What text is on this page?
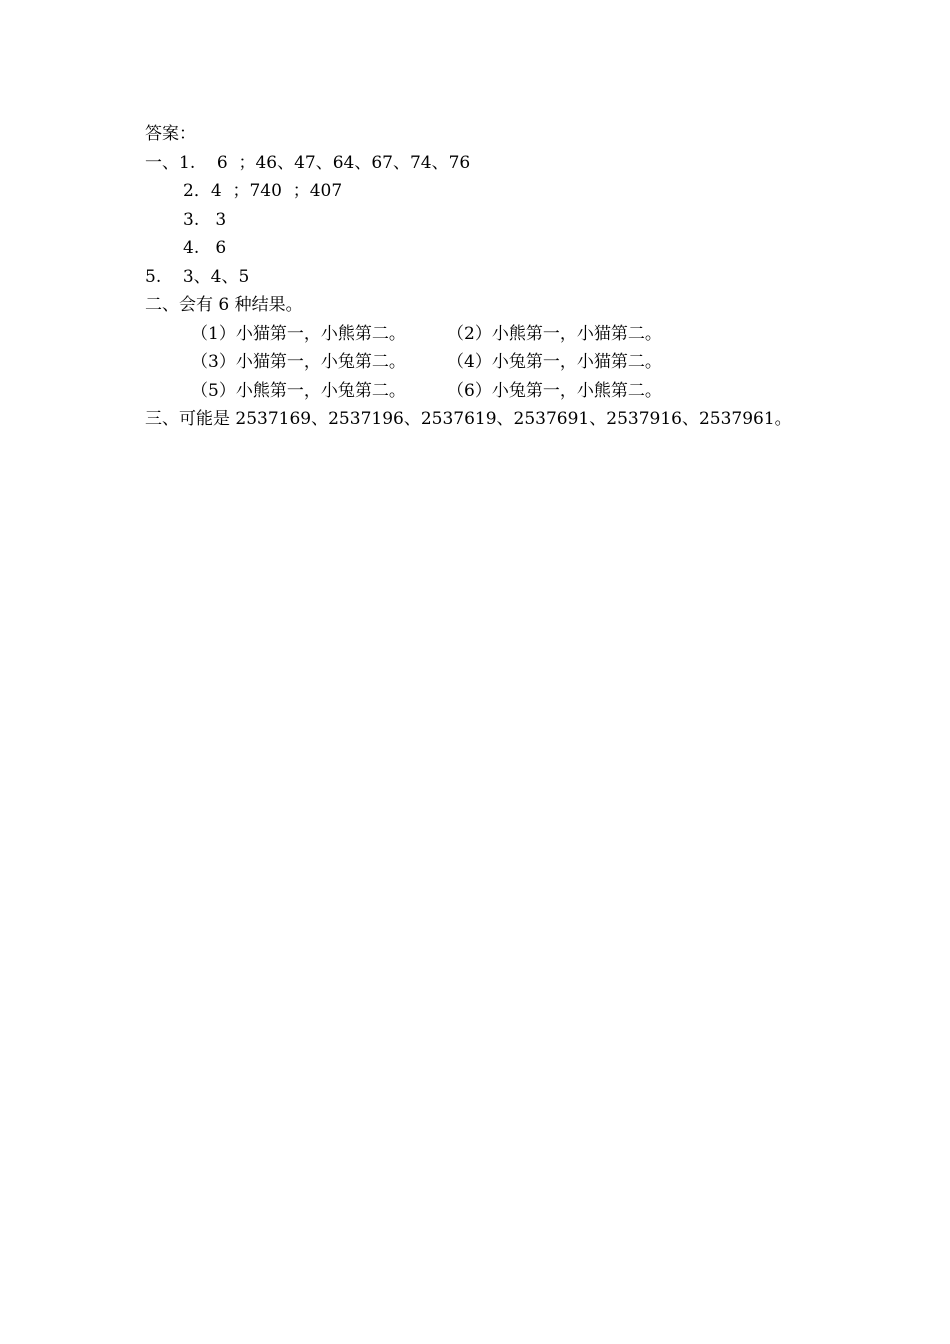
答案：
一、1.    6  ；46、47、64、67、74、76
2．4  ；740  ；407
3.   3
4.   6
5.    3、4、5
二、会有 6 种结果。
（1）小猫第一，小熊第二。	（2）小熊第一，小猫第二。
（3）小猫第一，小兔第二。	（4）小兔第一，小猫第二。
（5）小熊第一，小兔第二。	（6）小兔第一，小熊第二。
三、可能是 2537169、2537196、2537619、2537691、2537916、2537961。
